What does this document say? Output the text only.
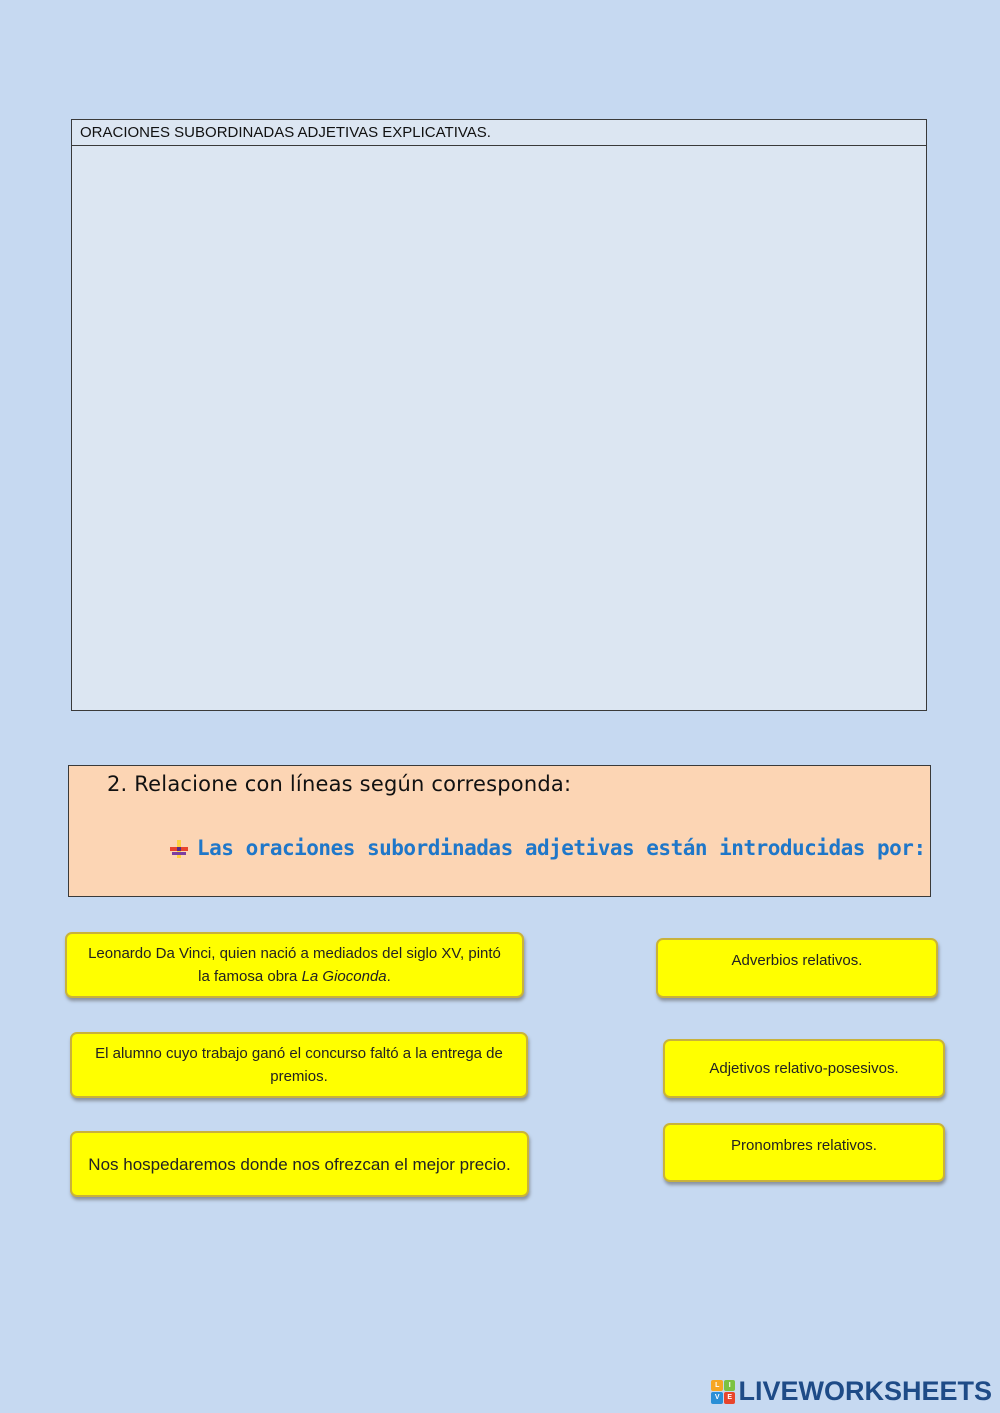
ORACIONES SUBORDINADAS ADJETIVAS EXPLICATIVAS.
2. Relacione con líneas según corresponda:
Las oraciones subordinadas adjetivas están introducidas por:
Leonardo Da Vinci, quien nació a mediados del siglo XV, pintó la famosa obra La Gioconda.
El alumno cuyo trabajo ganó el concurso faltó a la entrega de premios.
Nos hospedaremos donde nos ofrezcan el mejor precio.
Adverbios relativos.
Adjetivos relativo-posesivos.
Pronombres relativos.
L	I
V	E LIVEWORKSHEETS
